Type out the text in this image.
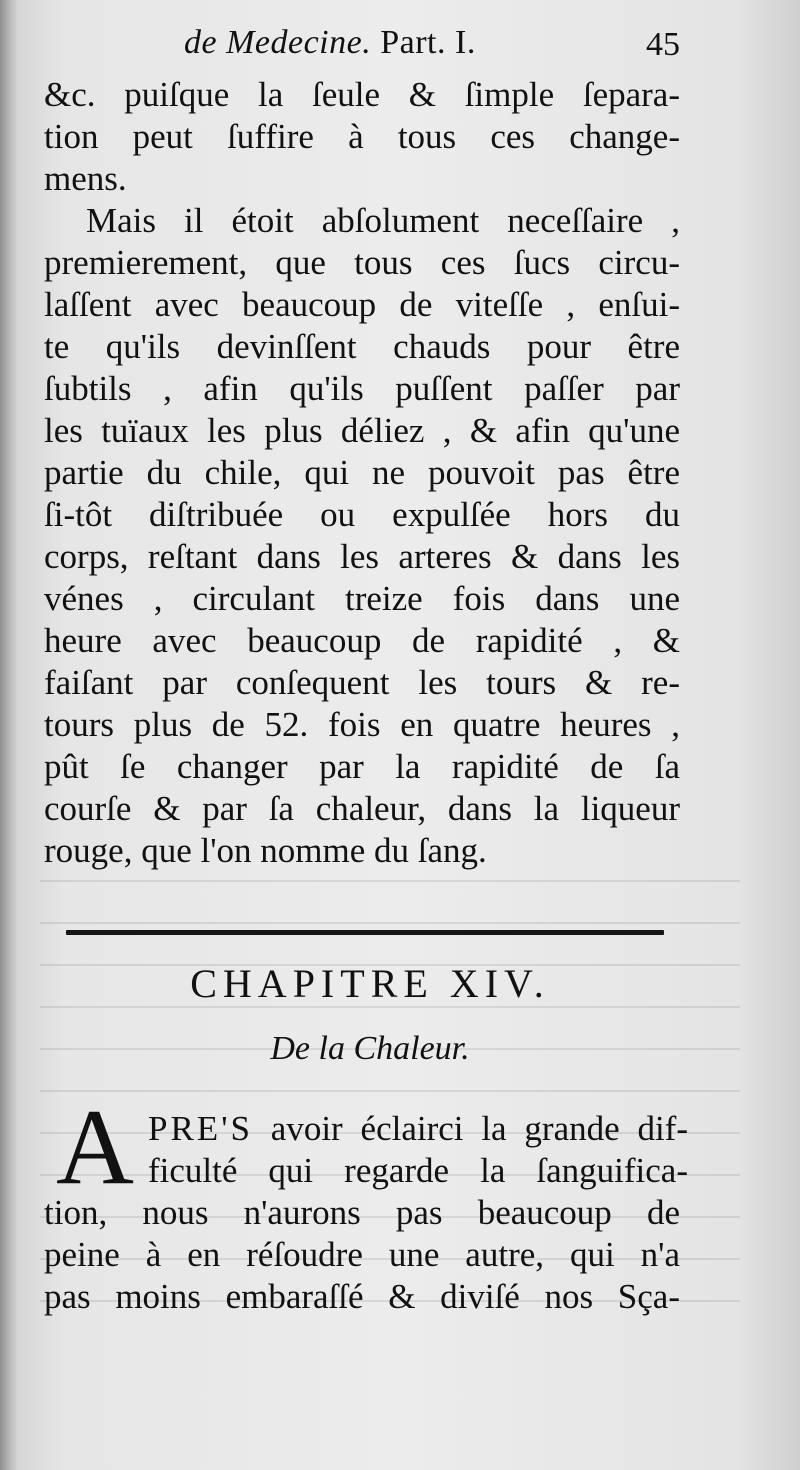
de Medecine. Part. I.	45
&c. puiſque la ſeule & ſimple ſepara-
tion peut ſuffire à tous ces change-
mens.
Mais il étoit abſolument neceſſaire ,
premierement, que tous ces ſucs circu-
laſſent avec beaucoup de viteſſe , enſui-
te qu'ils devinſſent chauds pour être
ſubtils , afin qu'ils puſſent paſſer par
les tuïaux les plus déliez , & afin qu'une
partie du chile, qui ne pouvoit pas être
ſi-tôt diſtribuée ou expulſée hors du
corps, reſtant dans les arteres & dans les
vénes , circulant treize fois dans une
heure avec beaucoup de rapidité , &
faiſant par conſequent les tours & re-
tours plus de 52. fois en quatre heures ,
pût ſe changer par la rapidité de ſa
courſe & par ſa chaleur, dans la liqueur
rouge, que l'on nomme du ſang.
CHAPITRE XIV.
De la Chaleur.
A PRE'S avoir éclairci la grande dif-
ficulté qui regarde la ſanguifica-
tion, nous n'aurons pas beaucoup de
peine à en réſoudre une autre, qui n'a
pas moins embaraſſé & diviſé nos Sça-
